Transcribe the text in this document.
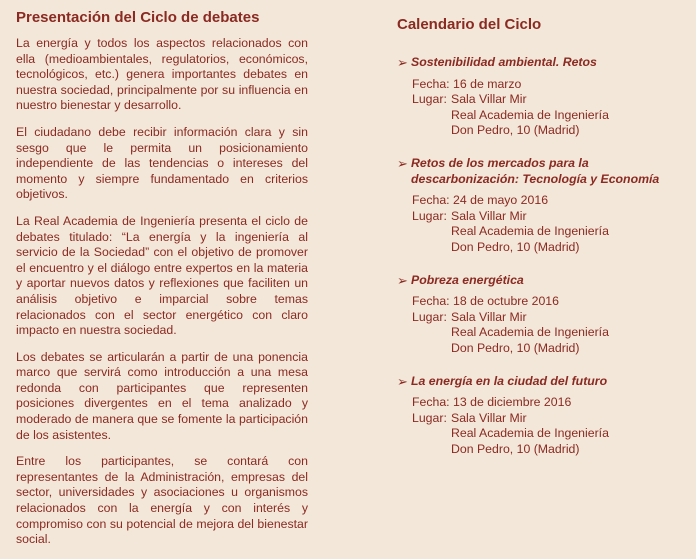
Presentación del Ciclo de debates

La energía y todos los aspectos relacionados con ella (medioambientales, regulatorios, económicos, tecnológicos, etc.) genera importantes debates en nuestra sociedad, principalmente por su influencia en nuestro bienestar y desarrollo.

El ciudadano debe recibir información clara y sin sesgo que le permita un posicionamiento independiente de las tendencias o intereses del momento y siempre fundamentado en criterios objetivos.

La Real Academia de Ingeniería presenta el ciclo de debates titulado: “La energía y la ingeniería al servicio de la Sociedad” con el objetivo de promover el encuentro y el diálogo entre expertos en la materia y aportar nuevos datos y reflexiones que faciliten un análisis objetivo e imparcial sobre temas relacionados con el sector energético con claro impacto en nuestra sociedad.

Los debates se articularán a partir de una ponencia marco que servirá como introducción a una mesa redonda con participantes que representen posiciones divergentes en el tema analizado y moderado de manera que se fomente la participación de los asistentes.

Entre los participantes, se contará con representantes de la Administración, empresas del sector, universidades y asociaciones u organismos relacionados con la energía y con interés y compromiso con su potencial de mejora del bienestar social.

Calendario del Ciclo
➢ Sostenibilidad ambiental. Retos
Fecha: 16 de marzo
Lugar: Sala Villar Mir
Real Academia de Ingeniería
Don Pedro, 10 (Madrid)
➢ Retos de los mercados para la descarbonización: Tecnología y Economía
Fecha: 24 de mayo 2016
Lugar: Sala Villar Mir
Real Academia de Ingeniería
Don Pedro, 10 (Madrid)
➢ Pobreza energética
Fecha: 18 de octubre 2016
Lugar: Sala Villar Mir
Real Academia de Ingeniería
Don Pedro, 10 (Madrid)
➢ La energía en la ciudad del futuro
Fecha: 13 de diciembre 2016
Lugar: Sala Villar Mir
Real Academia de Ingeniería
Don Pedro, 10 (Madrid)
